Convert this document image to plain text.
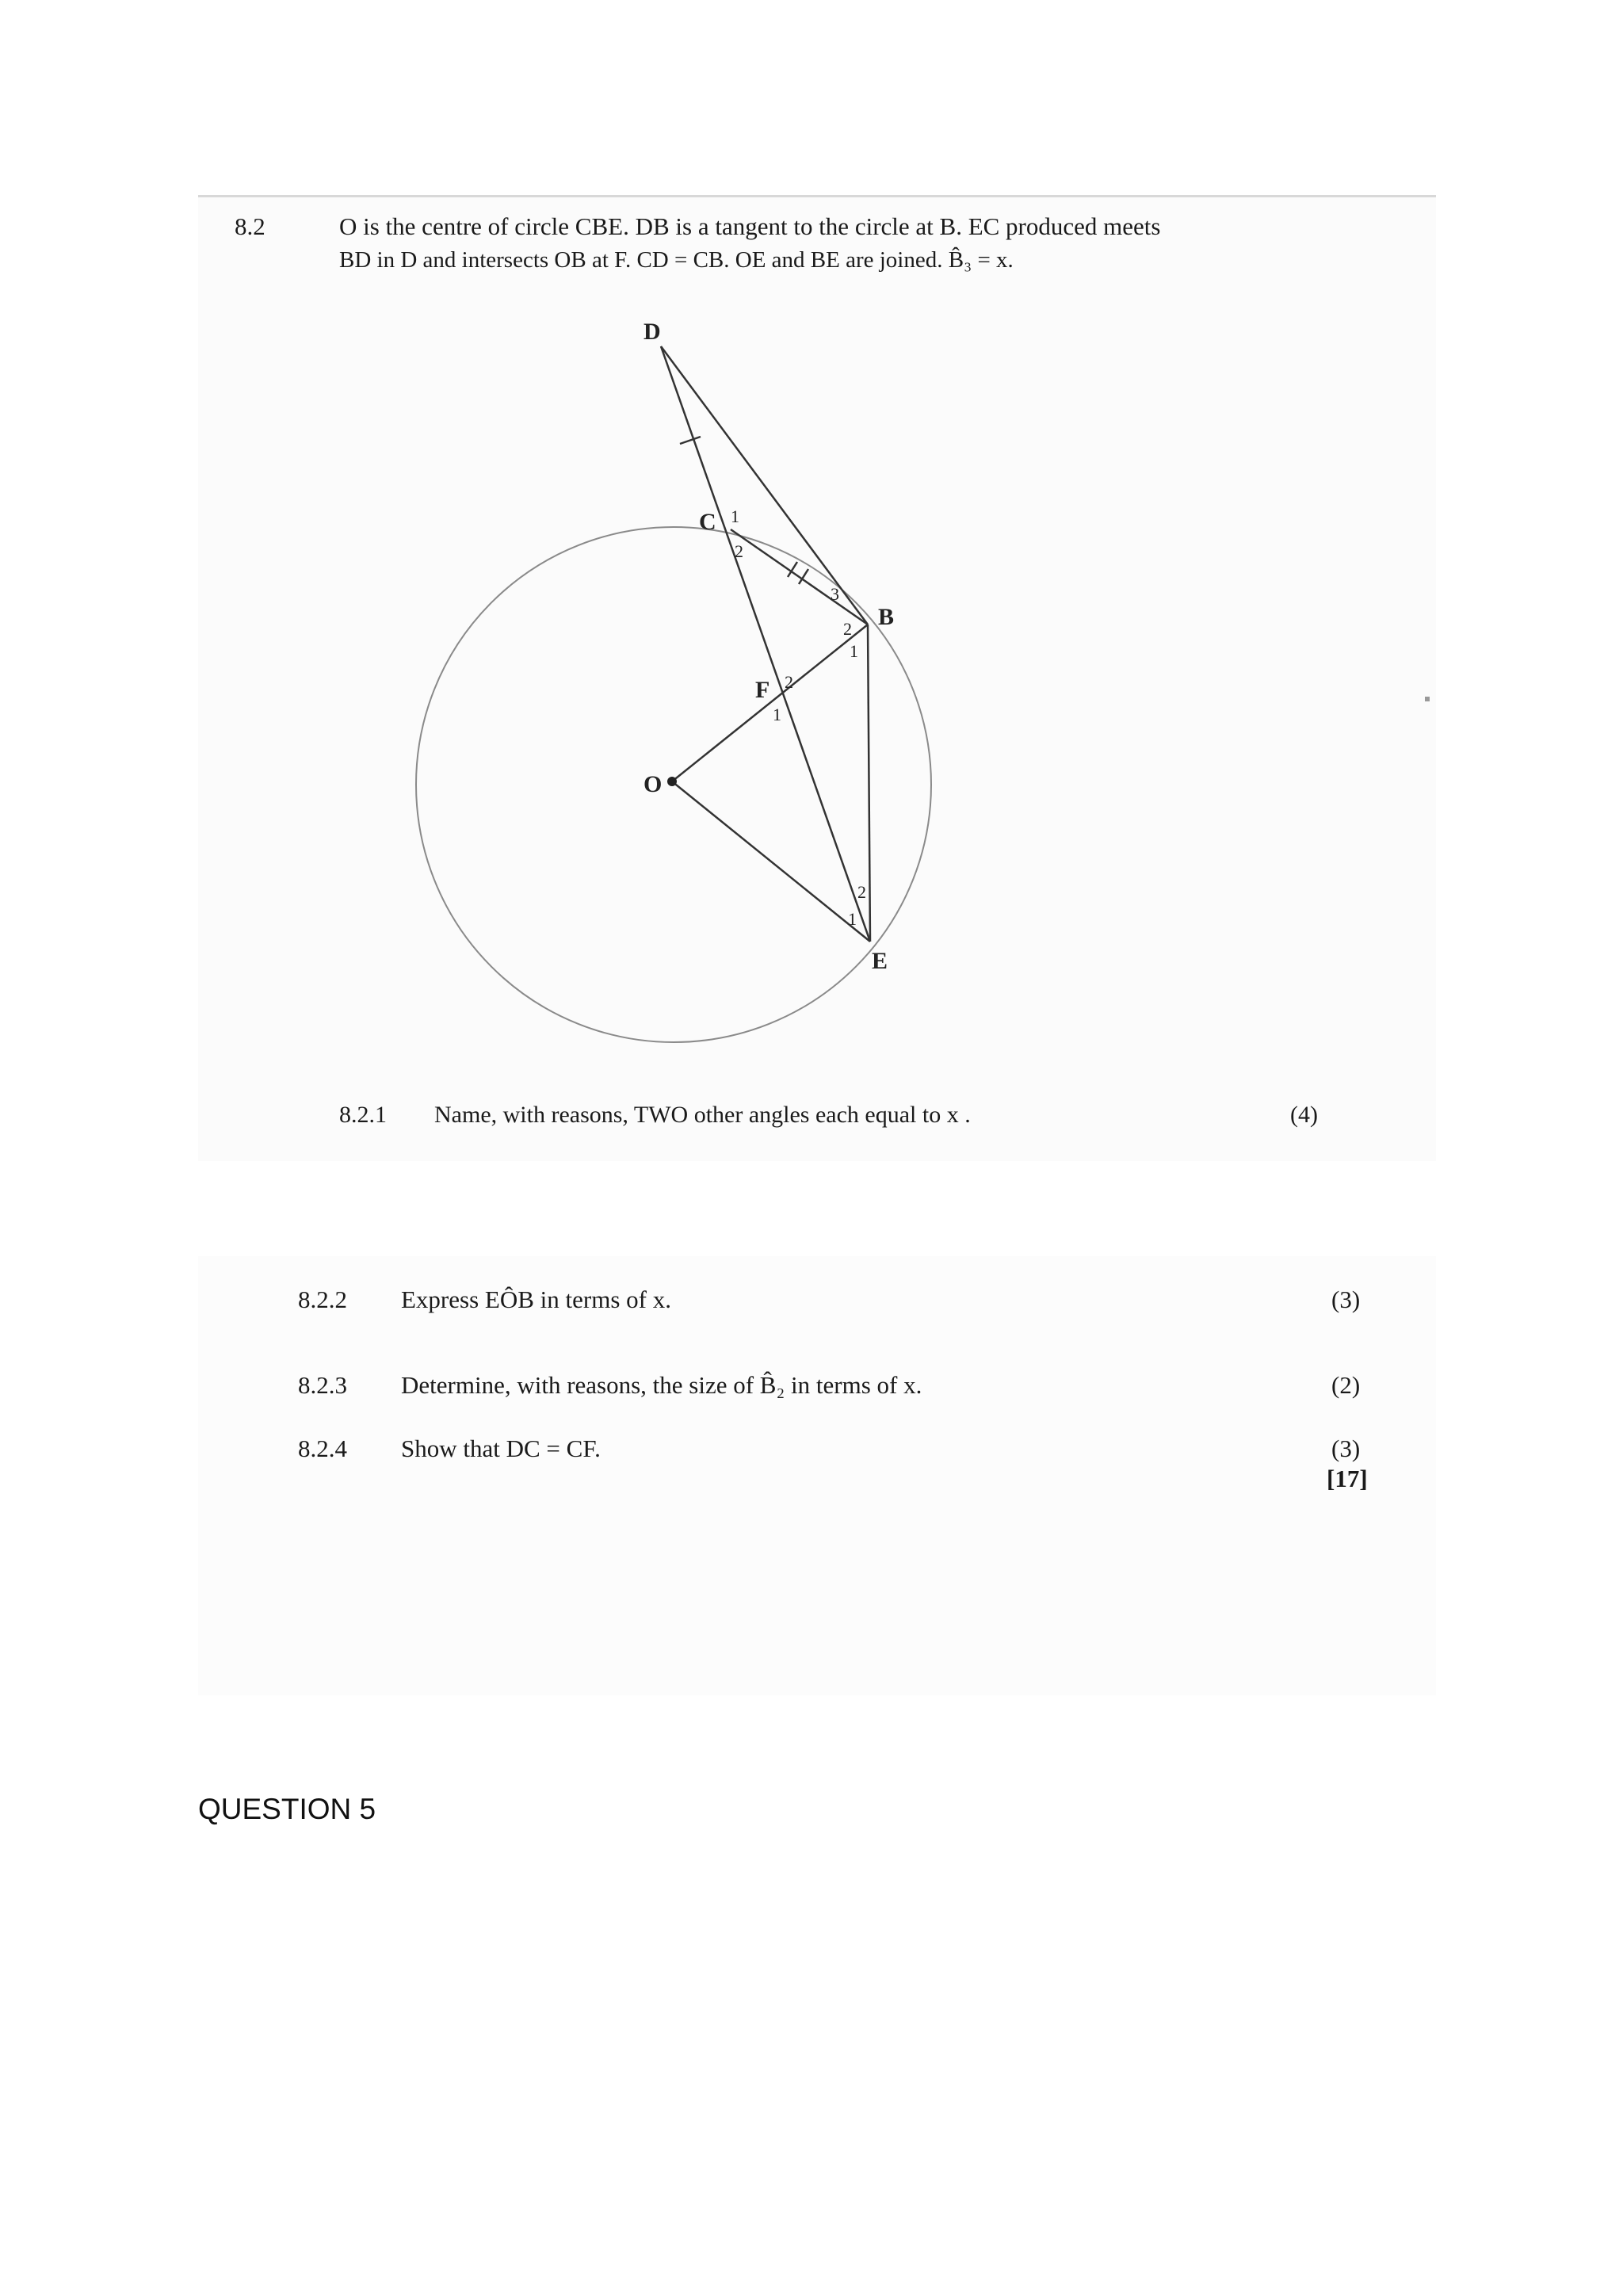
8.2	O is the centre of circle CBE. DB is a tangent to the circle at B. EC produced meets
BD in D and intersects OB at F. CD = CB. OE and BE are joined. B̂₃ = x.
D
C
B
F
O
E
1
2
1
2
3
1
2
1
2
8.2.1 Name, with reasons, TWO other angles each equal to x .	(4)
8.2.2 Express EÔB in terms of x.	(3)
8.2.3 Determine, with reasons, the size of B̂₂ in terms of x.	(2)
8.2.4 Show that DC = CF.	(3)
[17]
QUESTION 5
